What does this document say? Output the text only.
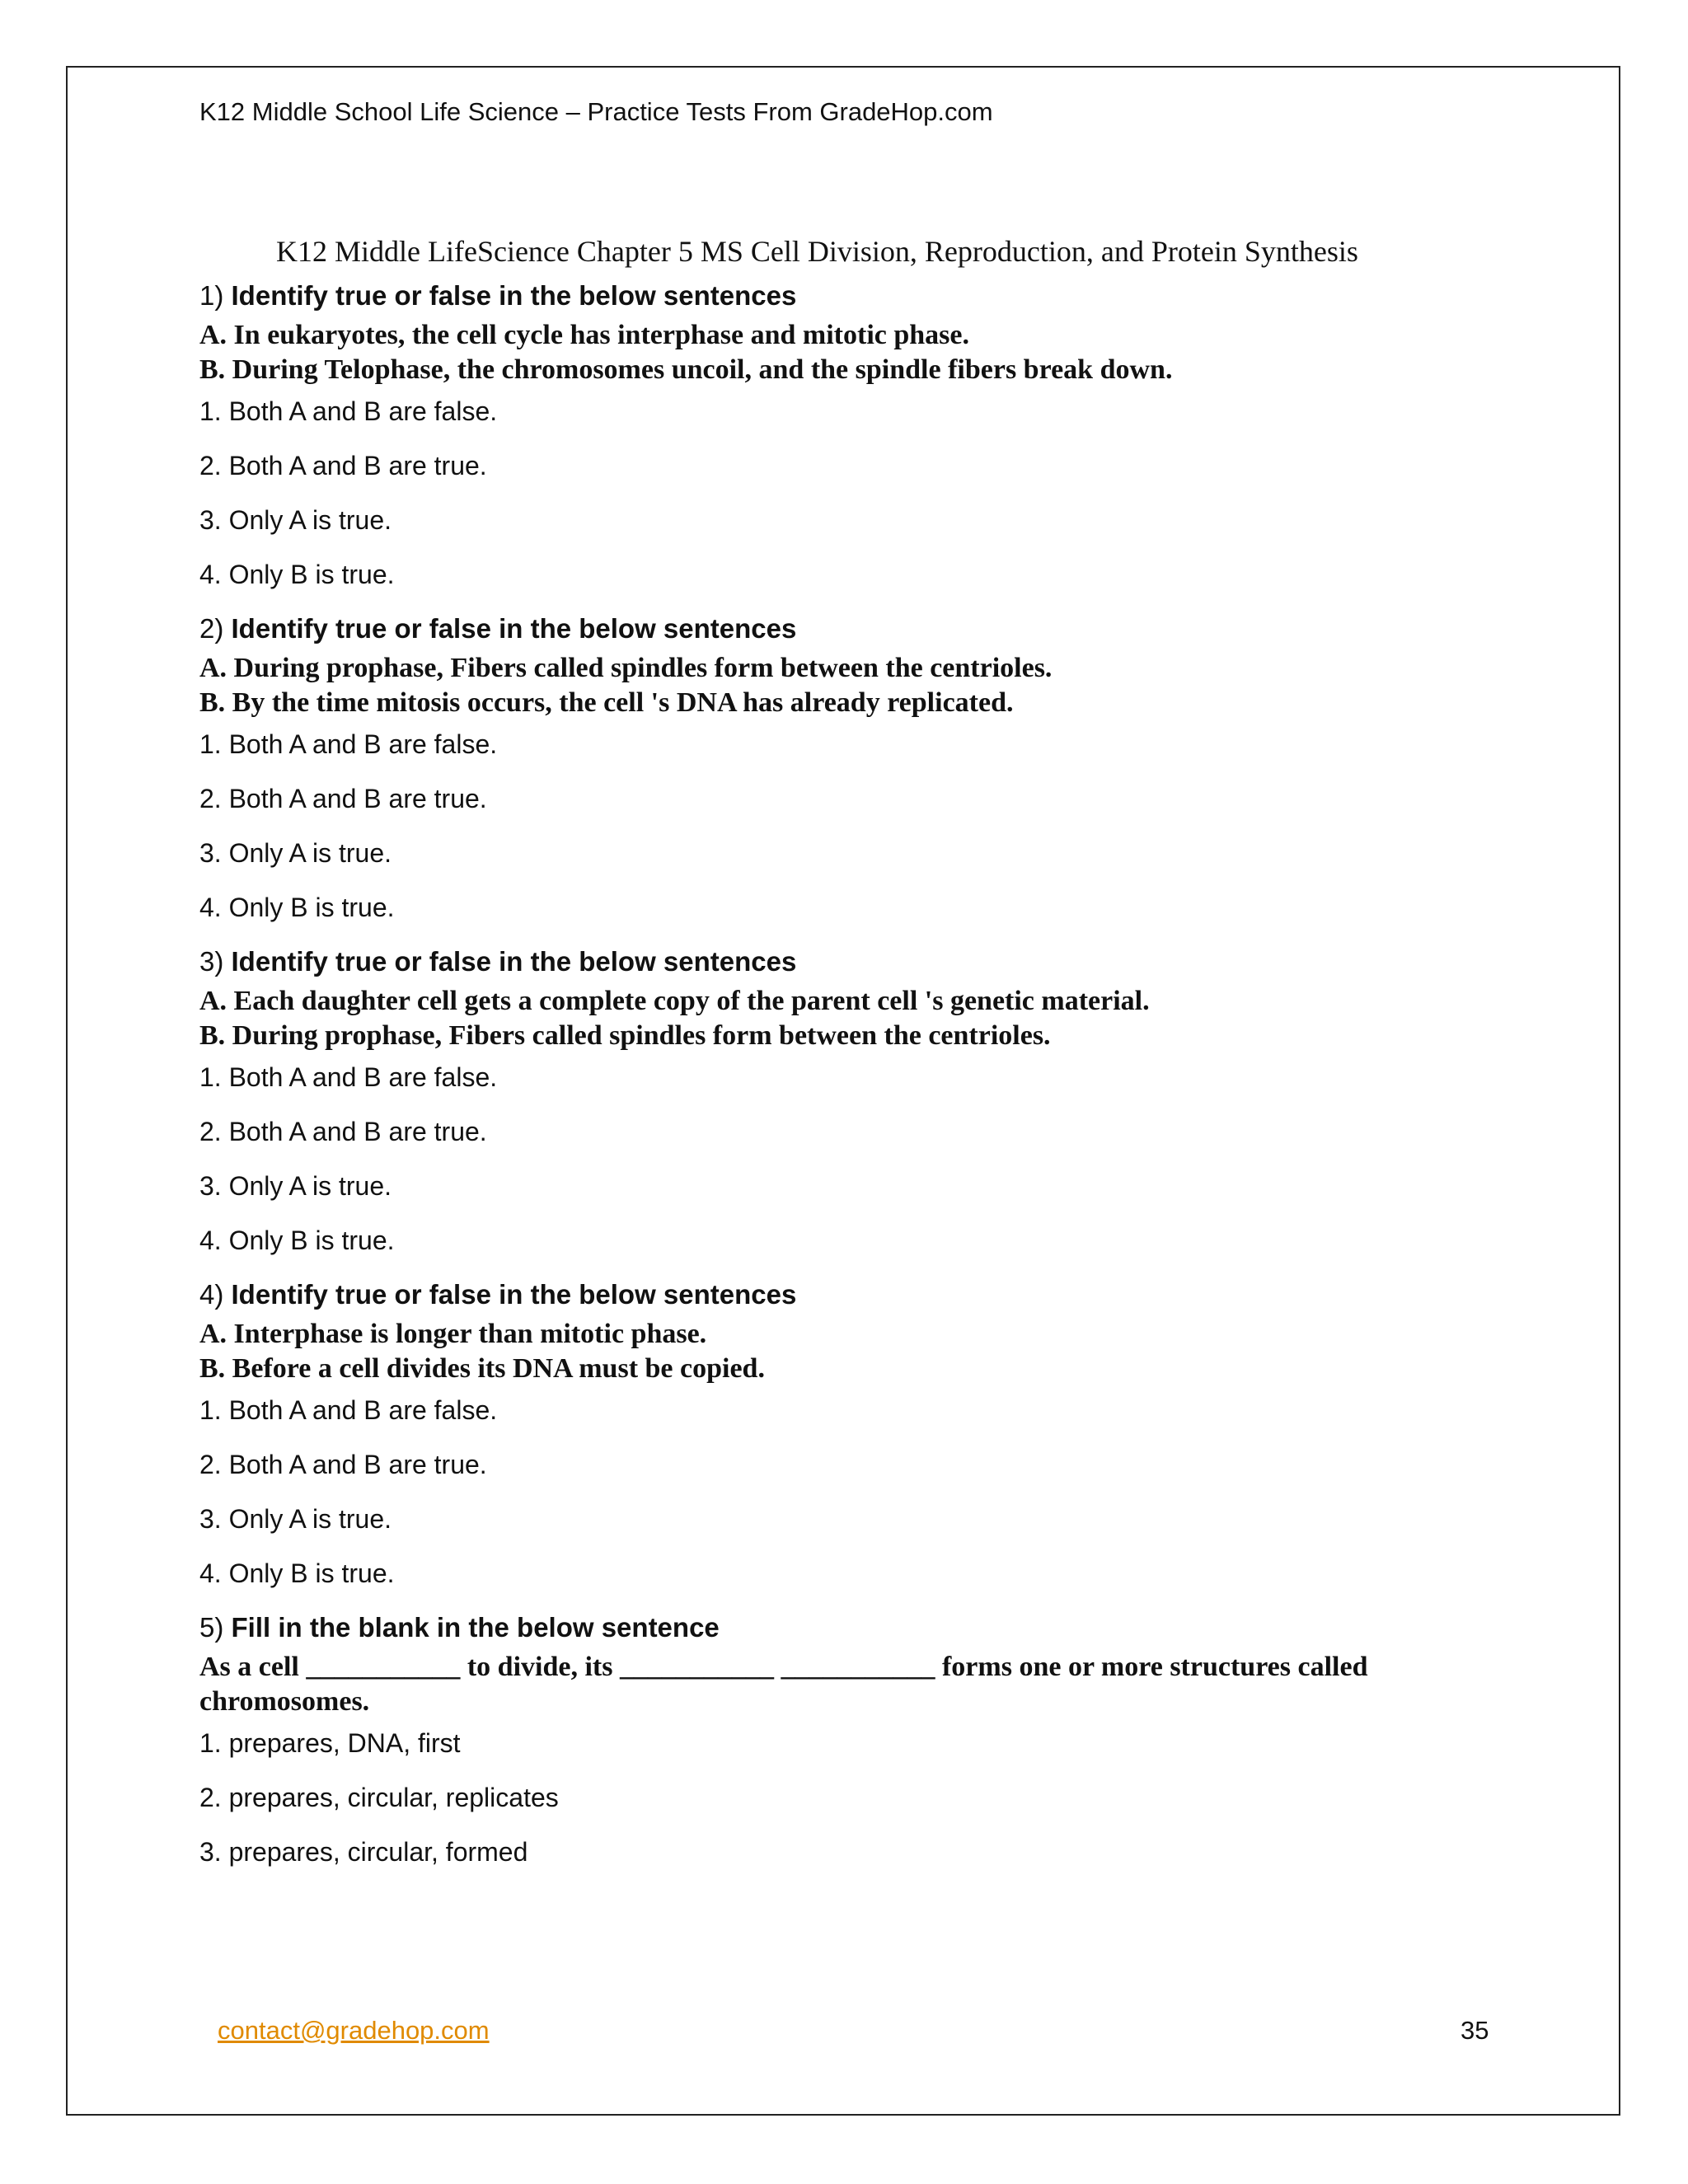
K12 Middle School Life Science – Practice Tests From GradeHop.com
K12 Middle LifeScience Chapter 5 MS Cell Division, Reproduction, and Protein Synthesis
1) Identify true or false in the below sentences
A. In eukaryotes, the cell cycle has interphase and mitotic phase.
B. During Telophase, the chromosomes uncoil, and the spindle fibers break down.
1. Both A and B are false.
2. Both A and B are true.
3. Only A is true.
4. Only B is true.
2) Identify true or false in the below sentences
A. During prophase, Fibers called spindles form between the centrioles.
B. By the time mitosis occurs, the cell 's DNA has already replicated.
1. Both A and B are false.
2. Both A and B are true.
3. Only A is true.
4. Only B is true.
3) Identify true or false in the below sentences
A. Each daughter cell gets a complete copy of the parent cell 's genetic material.
B. During prophase, Fibers called spindles form between the centrioles.
1. Both A and B are false.
2. Both A and B are true.
3. Only A is true.
4. Only B is true.
4) Identify true or false in the below sentences
A. Interphase is longer than mitotic phase.
B. Before a cell divides its DNA must be copied.
1. Both A and B are false.
2. Both A and B are true.
3. Only A is true.
4. Only B is true.
5) Fill in the blank in the below sentence
As a cell ___________ to divide, its ___________ ___________ forms one or more structures called chromosomes.
1. prepares, DNA, first
2. prepares, circular, replicates
3. prepares, circular, formed
contact@gradehop.com	35
